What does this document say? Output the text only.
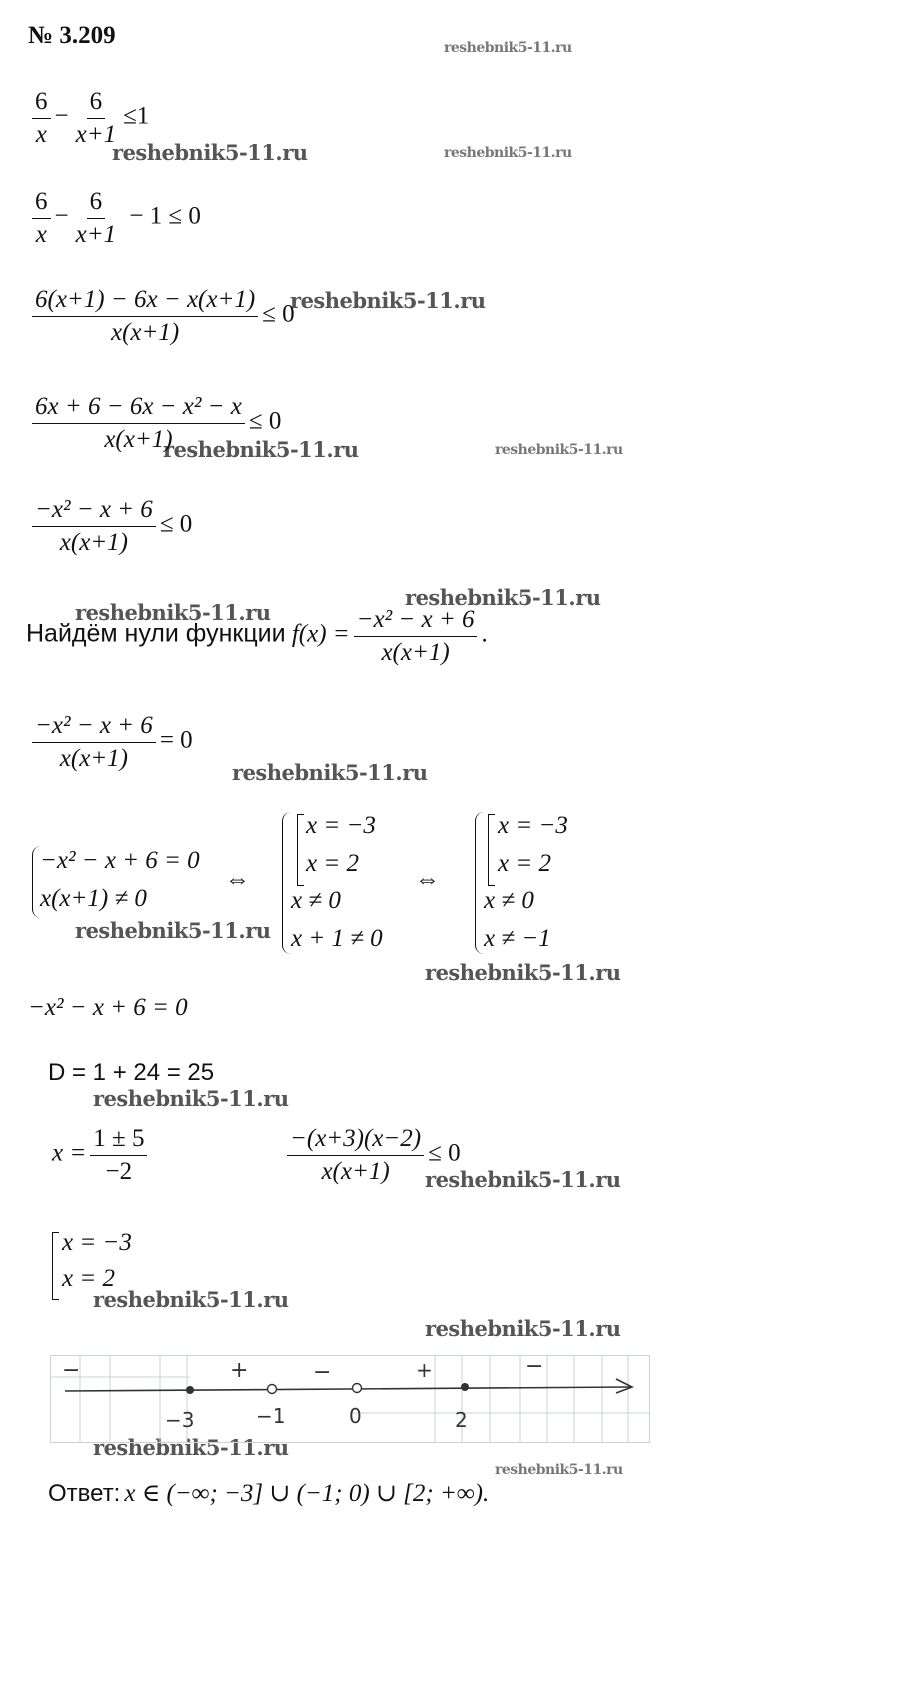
№ 3.209	reshebnik5-11.ru
reshebnik5-11.ru	reshebnik5-11.ru
reshebnik5-11.ru
reshebnik5-11.ru	reshebnik5-11.ru
reshebnik5-11.ru
reshebnik5-11.ru
reshebnik5-11.ru
reshebnik5-11.ru
reshebnik5-11.ru
reshebnik5-11.ru
reshebnik5-11.ru
reshebnik5-11.ru
reshebnik5-11.ru
reshebnik5-11.ru
reshebnik5-11.ru
$\frac{6}{x} - \frac{6}{x+1} \le 1$
$\frac{6}{x} - \frac{6}{x+1} - 1 \le 0$
$\frac{6(x+1) - 6x - x(x+1)}{x(x+1)} \le 0$
$\frac{\text{6x + 6 − 6x − x² − x}}{x(x+1)} \le 0$
$\frac{\text{−x² − x + 6}}{x(x+1)} \le 0$
Найдём нули функции $f(x) = \frac{\text{−x² − x + 6}}{x(x+1)}$ .
$\frac{\text{−x² − x + 6}}{x(x+1)} = 0$
−x² − x + 6 = 0
x(x+1) ≠ 0
⇔
x = −3
x = 2
x ≠ 0
x + 1 ≠ 0
⇔
x = −3
x = 2
x ≠ 0
x ≠ −1
−x² − x + 6 = 0
D = 1 + 24 = 25
$x = \frac{1 \pm 5}{-2}$	$\frac{-(x+3)(x-2)}{x(x+1)} \le 0$
x = −3
x = 2
−	+	−	+	−
−3	−1	0	2
Ответ: x ∈ (−∞; −3] ∪ (−1; 0) ∪ [2; +∞).
